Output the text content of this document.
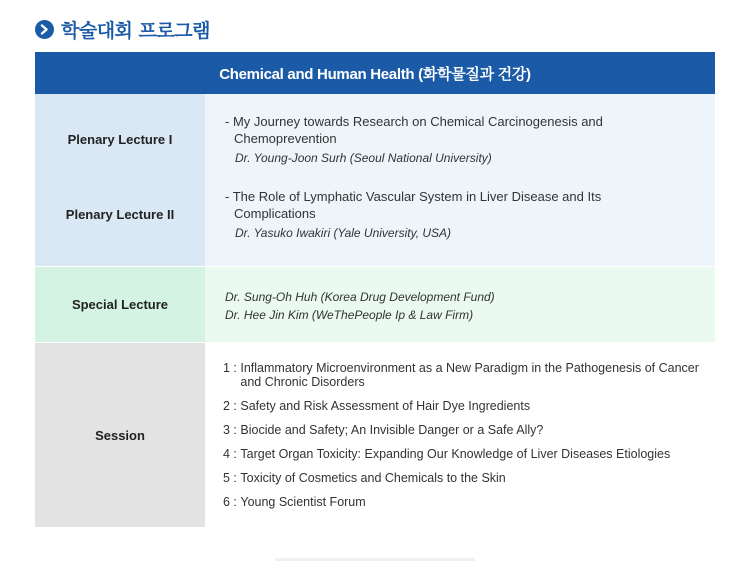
학술대회 프로그램
Chemical and Human Health (화학물질과 건강)
Plenary Lecture I
Plenary Lecture II
- My Journey towards Research on Chemical Carcinogenesis and Chemoprevention
Dr. Young-Joon Surh (Seoul National University)
- The Role of Lymphatic Vascular System in Liver Disease and Its Complications
Dr. Yasuko Iwakiri (Yale University, USA)
Special Lecture	Dr. Sung-Oh Huh (Korea Drug Development Fund)
Dr. Hee Jin Kim (WeThePeople Ip & Law Firm)
Session
1 : Inflammatory Microenvironment as a New Paradigm in the Pathogenesis of Cancer and Chronic Disorders
2 : Safety and Risk Assessment of Hair Dye Ingredients
3 : Biocide and Safety; An Invisible Danger or a Safe Ally?
4 : Target Organ Toxicity: Expanding Our Knowledge of Liver Diseases Etiologies
5 : Toxicity of Cosmetics and Chemicals to the Skin
6 : Young Scientist Forum
